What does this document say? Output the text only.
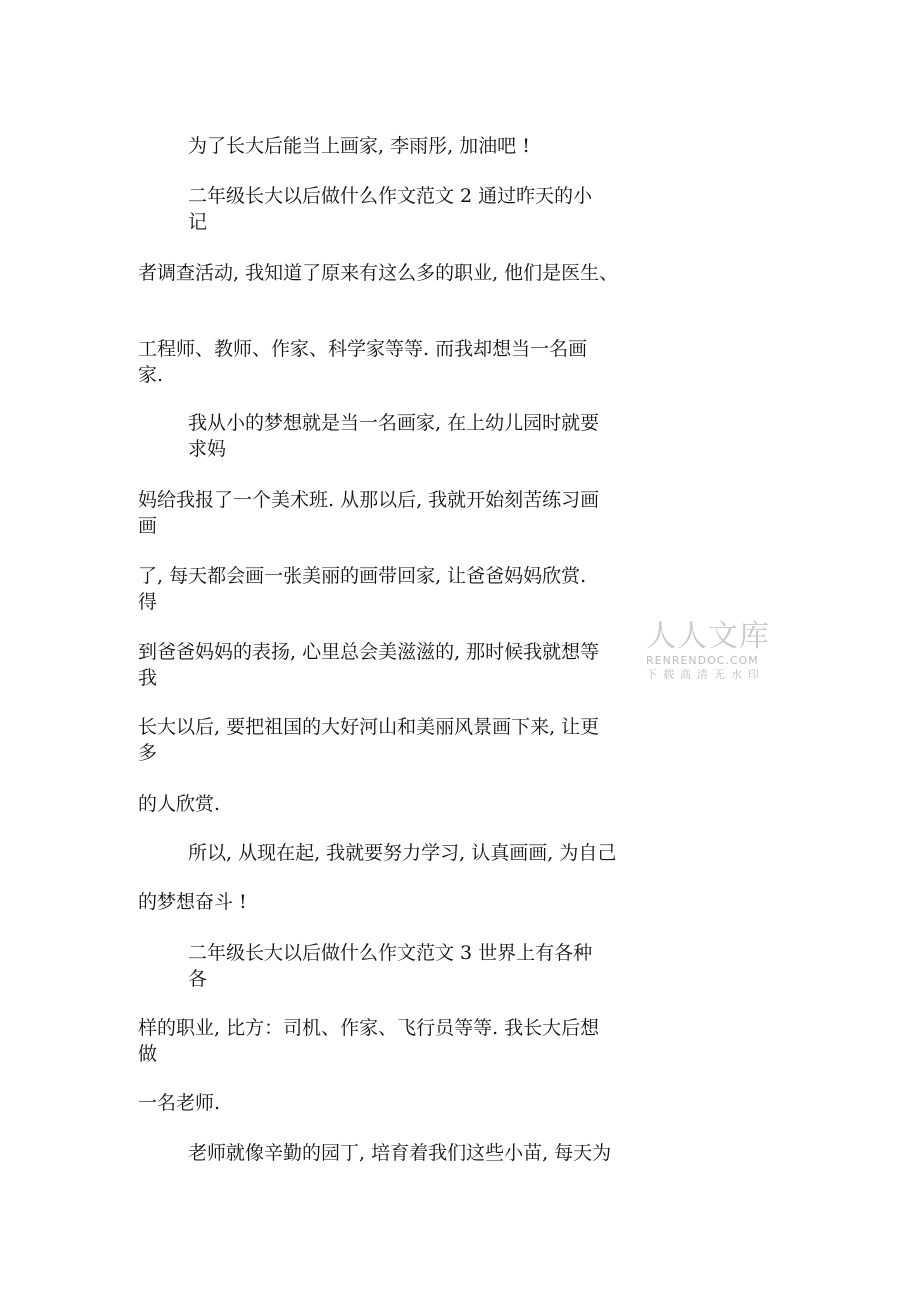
为了长大后能当上画家, 李雨彤, 加油吧 !

二年级长大以后做什么作文范文 2 通过昨天的小

记

者调查活动, 我知道了原来有这么多的职业, 他们是医生、

工程师、教师、作家、科学家等等. 而我却想当一名画

家.

我从小的梦想就是当一名画家, 在上幼儿园时就要

求妈

妈给我报了一个美术班. 从那以后, 我就开始刻苦练习画

画

了, 每天都会画一张美丽的画带回家, 让爸爸妈妈欣赏.

得

到爸爸妈妈的表扬, 心里总会美滋滋的, 那时候我就想等

我

长大以后, 要把祖国的大好河山和美丽风景画下来, 让更

多

的人欣赏.

所以, 从现在起, 我就要努力学习, 认真画画, 为自己

的梦想奋斗 !

二年级长大以后做什么作文范文 3 世界上有各种

各

样的职业, 比方：司机、作家、飞行员等等. 我长大后想

做

一名老师.

老师就像辛勤的园丁, 培育着我们这些小苗, 每天为

人人文库
RENRENDOC.COM
下载高清无水印
